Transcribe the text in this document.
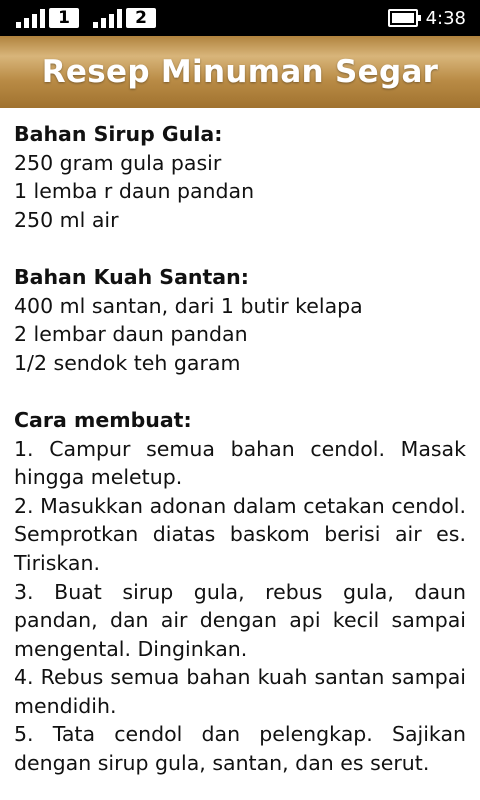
1	2	4:38
Resep Minuman Segar

Bahan Sirup Gula:

250 gram gula pasir

1 lemba r daun pandan

250 ml air

Bahan Kuah Santan:

400 ml santan, dari 1 butir kelapa

2 lembar daun pandan

1/2 sendok teh garam

Cara membuat:

1. Campur semua bahan cendol. Masak hingga meletup.

2. Masukkan adonan dalam cetakan cendol. Semprotkan diatas baskom berisi air es. Tiriskan.

3. Buat sirup gula, rebus gula, daun pandan, dan air dengan api kecil sampai mengental. Dinginkan.

4. Rebus semua bahan kuah santan sampai mendidih.

5. Tata cendol dan pelengkap. Sajikan dengan sirup gula, santan, dan es serut.
